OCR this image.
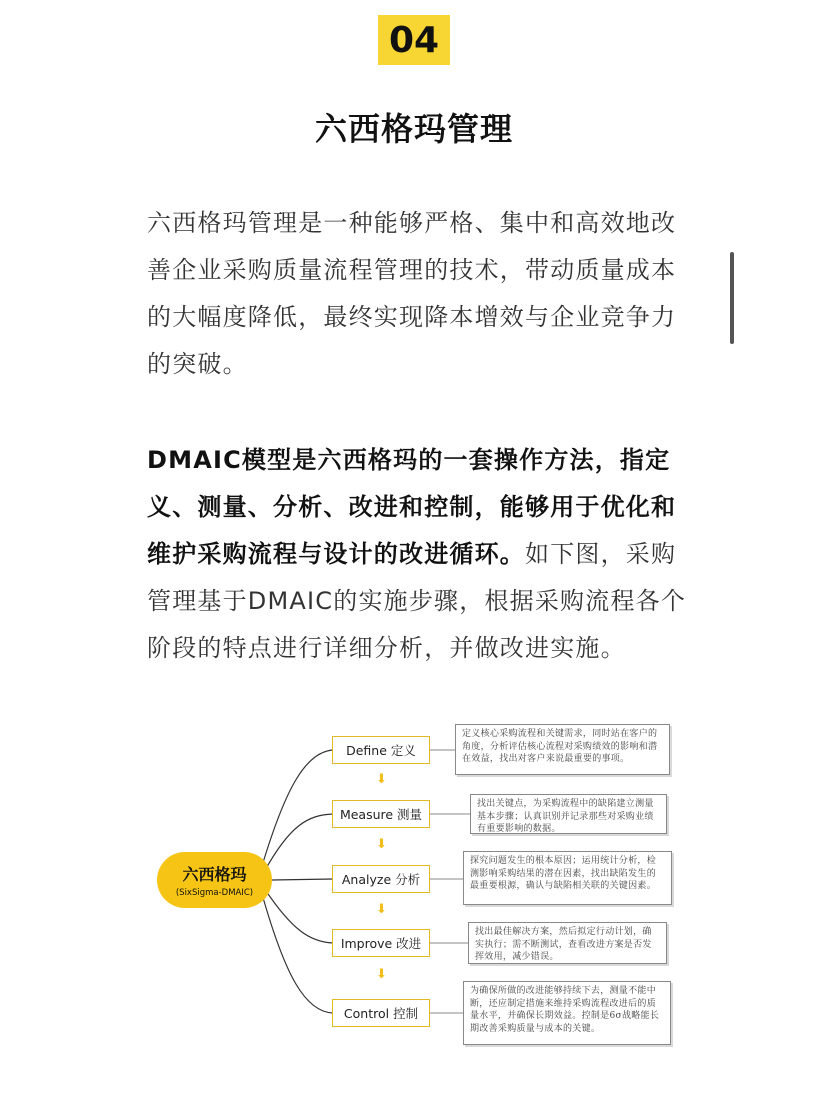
04
六西格玛管理

六西格玛管理是一种能够严格、集中和高效地改善企业采购质量流程管理的技术，带动质量成本的大幅度降低，最终实现降本增效与企业竞争力的突破。

DMAIC模型是六西格玛的一套操作方法，指定义、测量、分析、改进和控制，能够用于优化和维护采购流程与设计的改进循环。如下图，采购管理基于DMAIC的实施步骤，根据采购流程各个阶段的特点进行详细分析，并做改进实施。

六西格玛
(SixSigma-DMAIC)
Define 定义
Measure 测量
Analyze 分析
Improve 改进
Control 控制
⬇
⬇
⬇
⬇
定义核心采购流程和关键需求，同时站在客户的角度，分析评估核心流程对采购绩效的影响和潜在效益，找出对客户来说最重要的事项。
找出关键点，为采购流程中的缺陷建立测量基本步骤；认真识别并记录那些对采购业绩有重要影响的数据。
探究问题发生的根本原因；运用统计分析，检测影响采购结果的潜在因素，找出缺陷发生的最重要根源，确认与缺陷相关联的关键因素。
找出最佳解决方案，然后拟定行动计划，确实执行；需不断测试，查看改进方案是否发挥效用，减少错误。
为确保所做的改进能够持续下去，测量不能中断，还应制定措施来维持采购流程改进后的质量水平，并确保长期效益。控制是6σ战略能长期改善采购质量与成本的关键。
